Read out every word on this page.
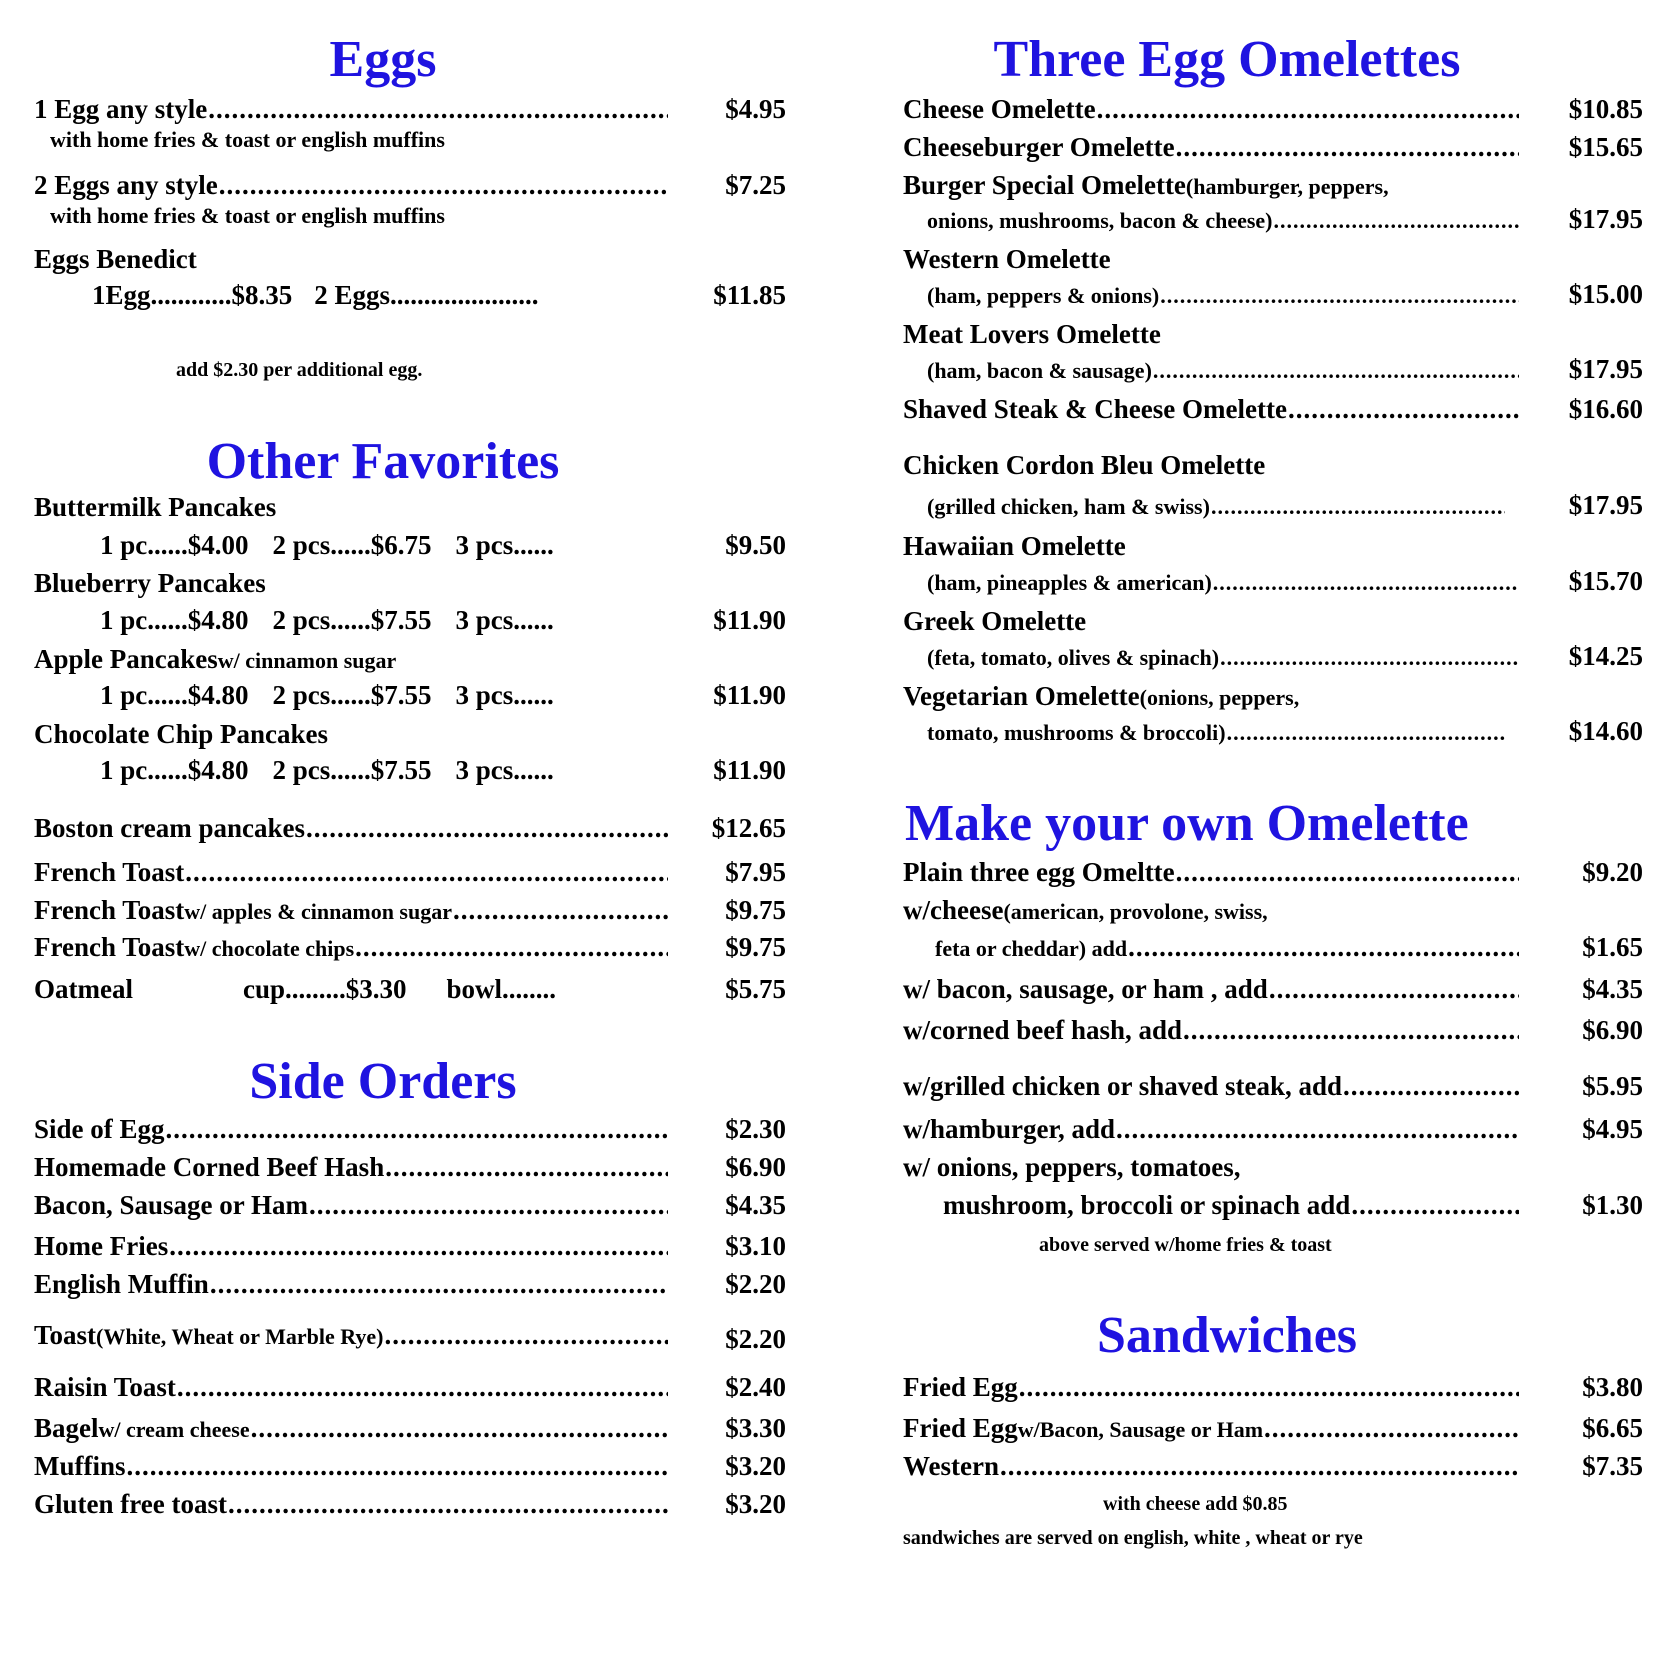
Eggs
1 Egg any style .....	$4.95
with home fries & toast or english muffins
2 Eggs any style .....	$7.25
with home fries & toast or english muffins
Eggs Benedict
1Egg............$8.35 2 Eggs......................	$11.85
add $2.30 per additional egg.
Other Favorites
Buttermilk Pancakes
1 pc......$4.00 2 pcs......$6.75 3 pcs......	$9.50
Blueberry Pancakes
1 pc......$4.80 2 pcs......$7.55 3 pcs......	$11.90
Apple Pancakes w/ cinnamon sugar
1 pc......$4.80 2 pcs......$7.55 3 pcs......	$11.90
Chocolate Chip Pancakes
1 pc......$4.80 2 pcs......$7.55 3 pcs......	$11.90
Boston cream pancakes .....	$12.65
French Toast .....	$7.95
French Toast w/ apples & cinnamon sugar .....	$9.75
French Toast w/ chocolate chips .....	$9.75
Oatmeal	cup.........$3.30 bowl........	$5.75
Side Orders
Side of Egg .....	$2.30
Homemade Corned Beef Hash .....	$6.90
Bacon, Sausage or Ham .....	$4.35
Home Fries .....	$3.10
English Muffin .....	$2.20
Toast (White, Wheat or Marble Rye) .....	$2.20
Raisin Toast .....	$2.40
Bagel w/ cream cheese .....	$3.30
Muffins .....	$3.20
Gluten free toast .....	$3.20
Three Egg Omelettes
Cheese Omelette .....	$10.85
Cheeseburger Omelette .....	$15.65
Burger Special Omelette (hamburger, peppers,
onions, mushrooms, bacon & cheese) .....	$17.95
Western Omelette
(ham, peppers & onions) .....	$15.00
Meat Lovers Omelette
(ham, bacon & sausage) .....	$17.95
Shaved Steak & Cheese Omelette .....	$16.60
Chicken Cordon Bleu Omelette
(grilled chicken, ham & swiss) .....	$17.95
Hawaiian Omelette
(ham, pineapples & american) .....	$15.70
Greek Omelette
(feta, tomato, olives & spinach) .....	$14.25
Vegetarian Omelette (onions, peppers,
tomato, mushrooms & broccoli) .....	$14.60
Make your own Omelette
Plain three egg Omeltte .....	$9.20
w/cheese (american, provolone, swiss,
feta or cheddar) add .....	$1.65
w/ bacon, sausage, or ham , add .....	$4.35
w/corned beef hash, add .....	$6.90
w/grilled chicken or shaved steak, add .....	$5.95
w/hamburger, add .....	$4.95
w/ onions, peppers, tomatoes,
mushroom, broccoli or spinach add .....	$1.30
above served w/home fries & toast
Sandwiches
Fried Egg .....	$3.80
Fried Egg w/Bacon, Sausage or Ham .....	$6.65
Western .....	$7.35
with cheese add $0.85
sandwiches are served on english, white , wheat or rye
